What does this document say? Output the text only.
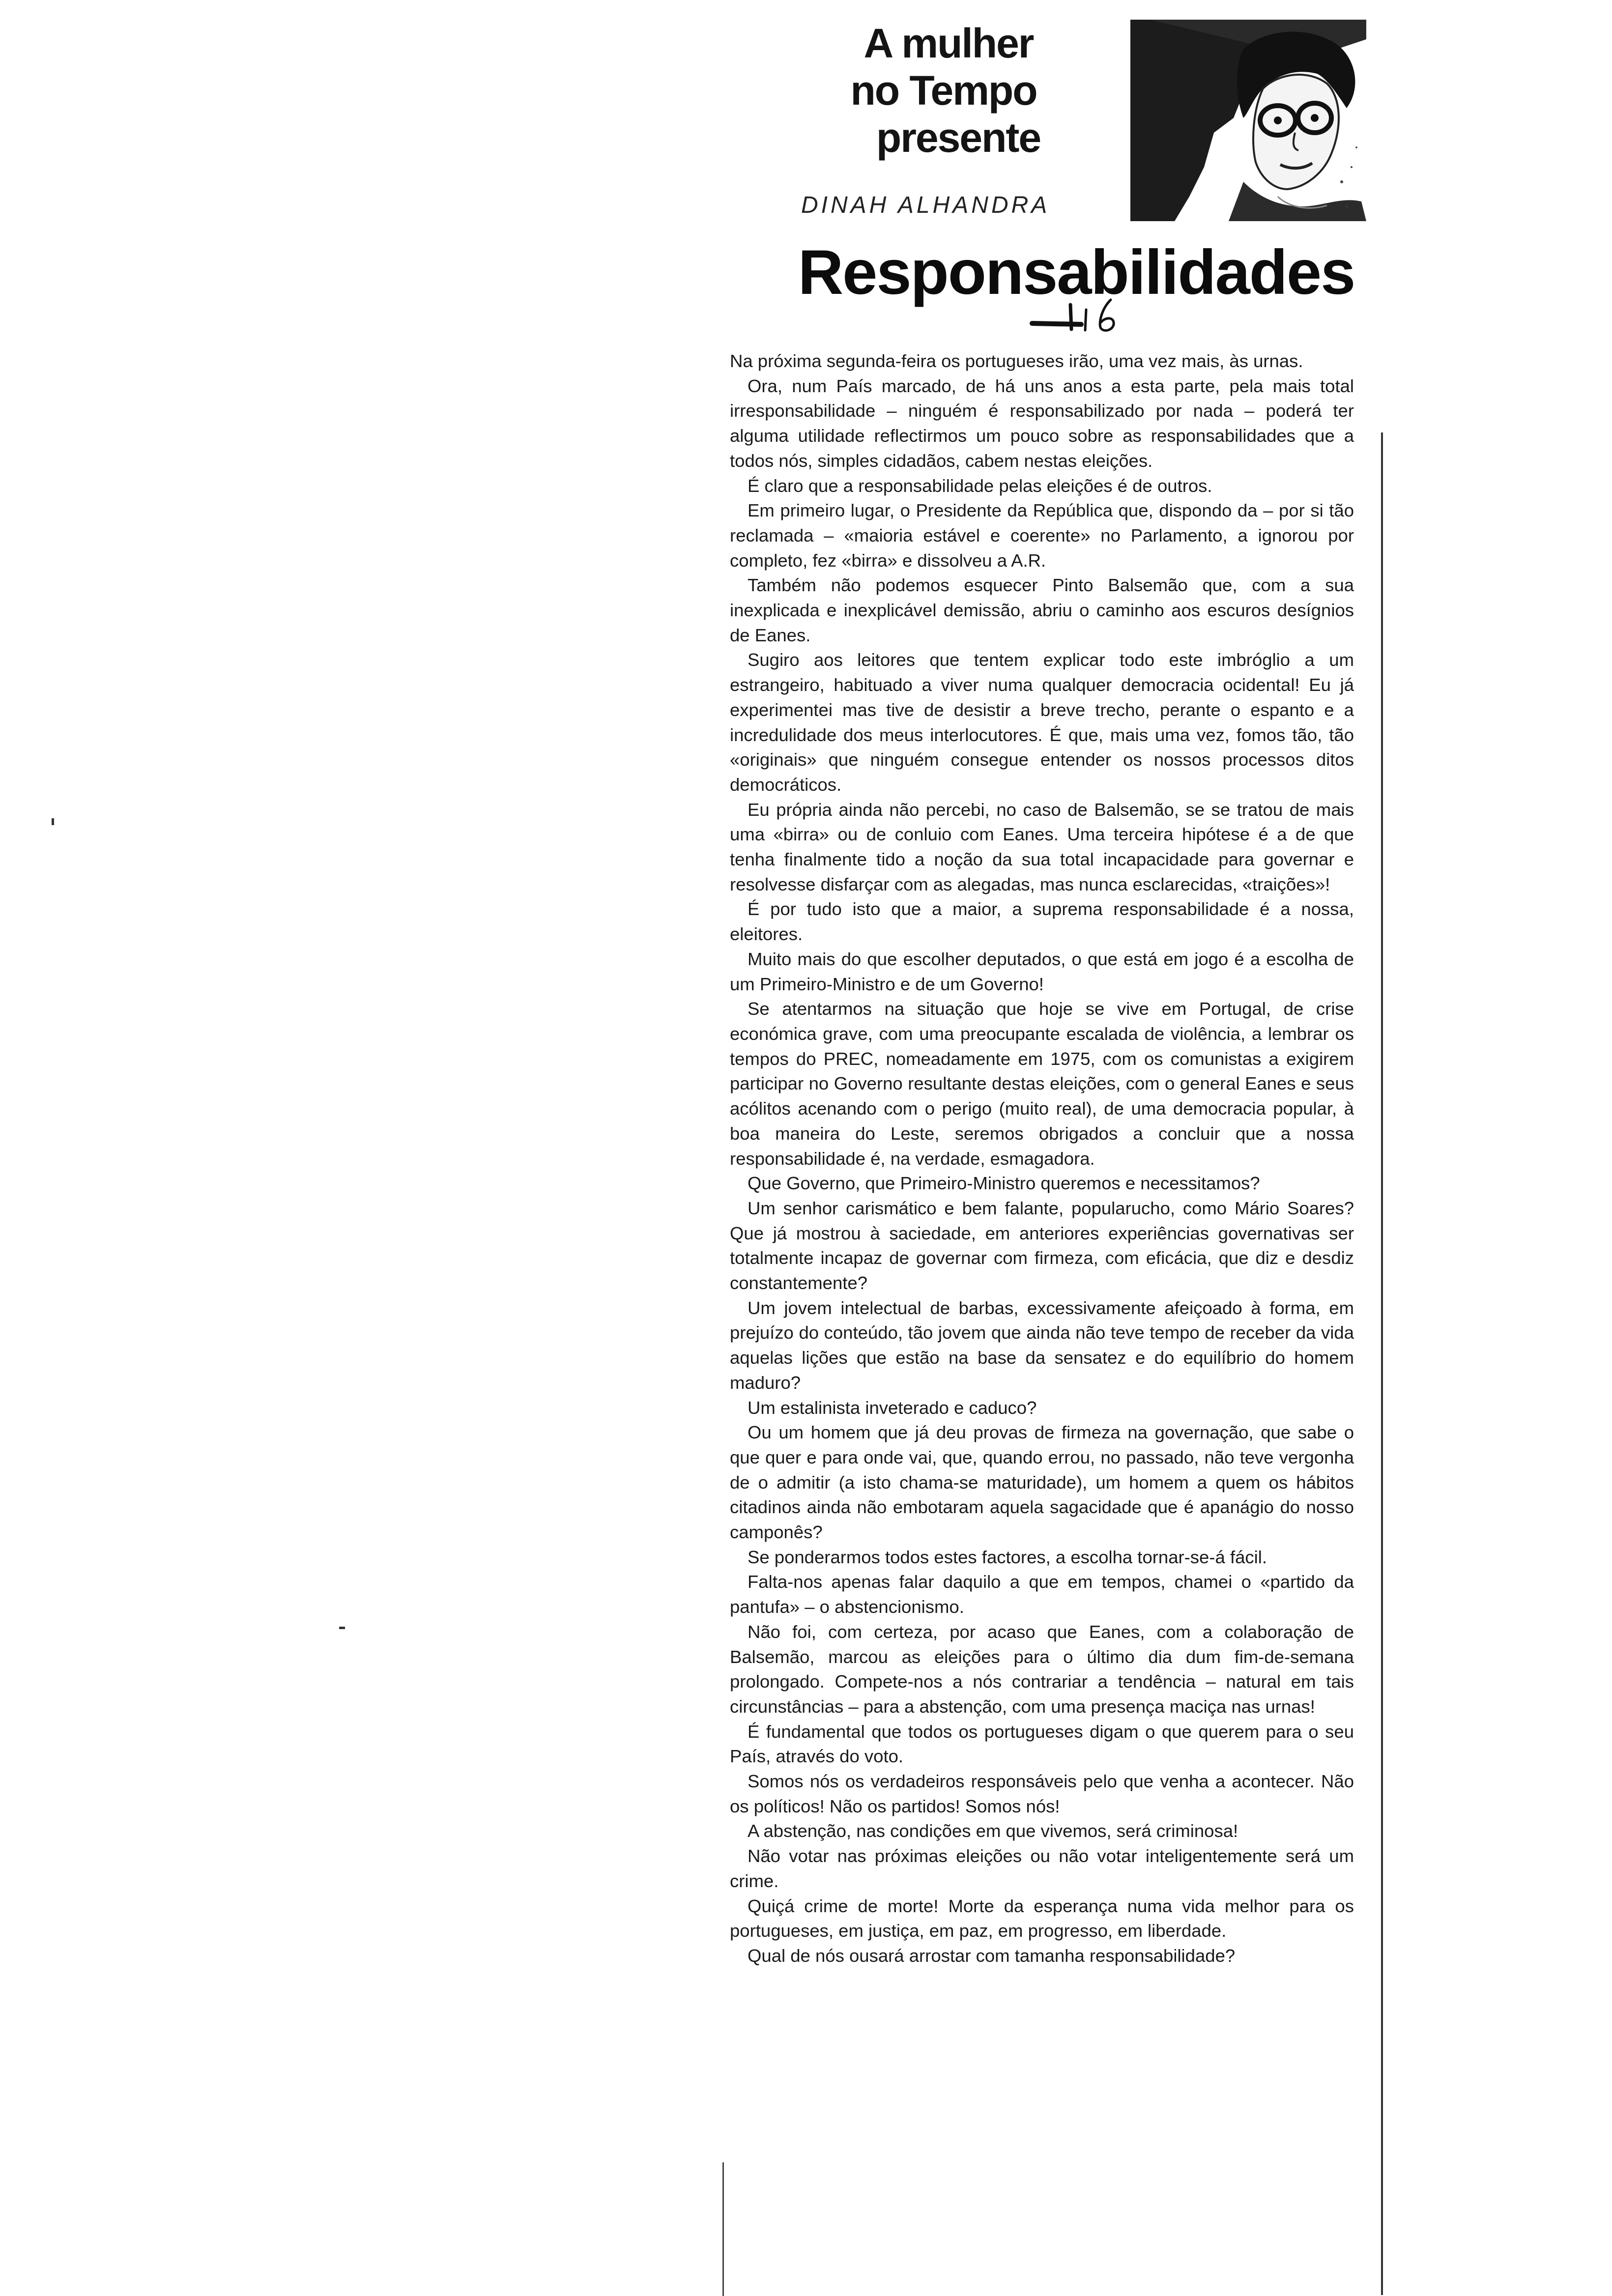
A mulher
no Tempo
presente
DINAH ALHANDRA
Responsabilidades

Na próxima segunda-feira os portugueses irão, uma vez mais, às urnas.

Ora, num País marcado, de há uns anos a esta parte, pela mais total irresponsabilidade – ninguém é responsabilizado por nada – poderá ter alguma utilidade reflectirmos um pouco sobre as responsabilidades que a todos nós, simples cidadãos, cabem nestas eleições.

É claro que a responsabilidade pelas eleições é de outros.

Em primeiro lugar, o Presidente da República que, dispondo da – por si tão reclamada – «maioria estável e coerente» no Parlamento, a ignorou por completo, fez «birra» e dissolveu a A.R.

Também não podemos esquecer Pinto Balsemão que, com a sua inexplicada e inexplicável demissão, abriu o caminho aos escuros desígnios de Eanes.

Sugiro aos leitores que tentem explicar todo este imbróglio a um estrangeiro, habituado a viver numa qualquer democracia ocidental! Eu já experimentei mas tive de desistir a breve trecho, perante o espanto e a incredulidade dos meus interlocutores. É que, mais uma vez, fomos tão, tão «originais» que ninguém consegue entender os nossos processos ditos democráticos.

Eu própria ainda não percebi, no caso de Balsemão, se se tratou de mais uma «birra» ou de conluio com Eanes. Uma terceira hipótese é a de que tenha finalmente tido a noção da sua total incapacidade para governar e resolvesse disfarçar com as alegadas, mas nunca esclarecidas, «traições»!

É por tudo isto que a maior, a suprema responsabilidade é a nossa, eleitores.

Muito mais do que escolher deputados, o que está em jogo é a escolha de um Primeiro-Ministro e de um Governo!

Se atentarmos na situação que hoje se vive em Portugal, de crise económica grave, com uma preocupante escalada de violência, a lembrar os tempos do PREC, nomeadamente em 1975, com os comunistas a exigirem participar no Governo resultante destas eleições, com o general Eanes e seus acólitos acenando com o perigo (muito real), de uma democracia popular, à boa maneira do Leste, seremos obrigados a concluir que a nossa responsabilidade é, na verdade, esmagadora.

Que Governo, que Primeiro-Ministro queremos e necessitamos?

Um senhor carismático e bem falante, popularucho, como Mário Soares? Que já mostrou à saciedade, em anteriores experiências governativas ser totalmente incapaz de governar com firmeza, com eficácia, que diz e desdiz constantemente?

Um jovem intelectual de barbas, excessivamente afeiçoado à forma, em prejuízo do conteúdo, tão jovem que ainda não teve tempo de receber da vida aquelas lições que estão na base da sensatez e do equilíbrio do homem maduro?

Um estalinista inveterado e caduco?

Ou um homem que já deu provas de firmeza na governação, que sabe o que quer e para onde vai, que, quando errou, no passado, não teve vergonha de o admitir (a isto chama-se maturidade), um homem a quem os hábitos citadinos ainda não embotaram aquela sagacidade que é apanágio do nosso camponês?

Se ponderarmos todos estes factores, a escolha tornar-se-á fácil.

Falta-nos apenas falar daquilo a que em tempos, chamei o «partido da pantufa» – o abstencionismo.

Não foi, com certeza, por acaso que Eanes, com a colaboração de Balsemão, marcou as eleições para o último dia dum fim-de-semana prolongado. Compete-nos a nós contrariar a tendência – natural em tais circunstâncias – para a abstenção, com uma presença maciça nas urnas!

É fundamental que todos os portugueses digam o que querem para o seu País, através do voto.

Somos nós os verdadeiros responsáveis pelo que venha a acontecer. Não os políticos! Não os partidos! Somos nós!

A abstenção, nas condições em que vivemos, será criminosa!

Não votar nas próximas eleições ou não votar inteligentemente será um crime.

Quiçá crime de morte! Morte da esperança numa vida melhor para os portugueses, em justiça, em paz, em progresso, em liberdade.

Qual de nós ousará arrostar com tamanha responsabilidade?
